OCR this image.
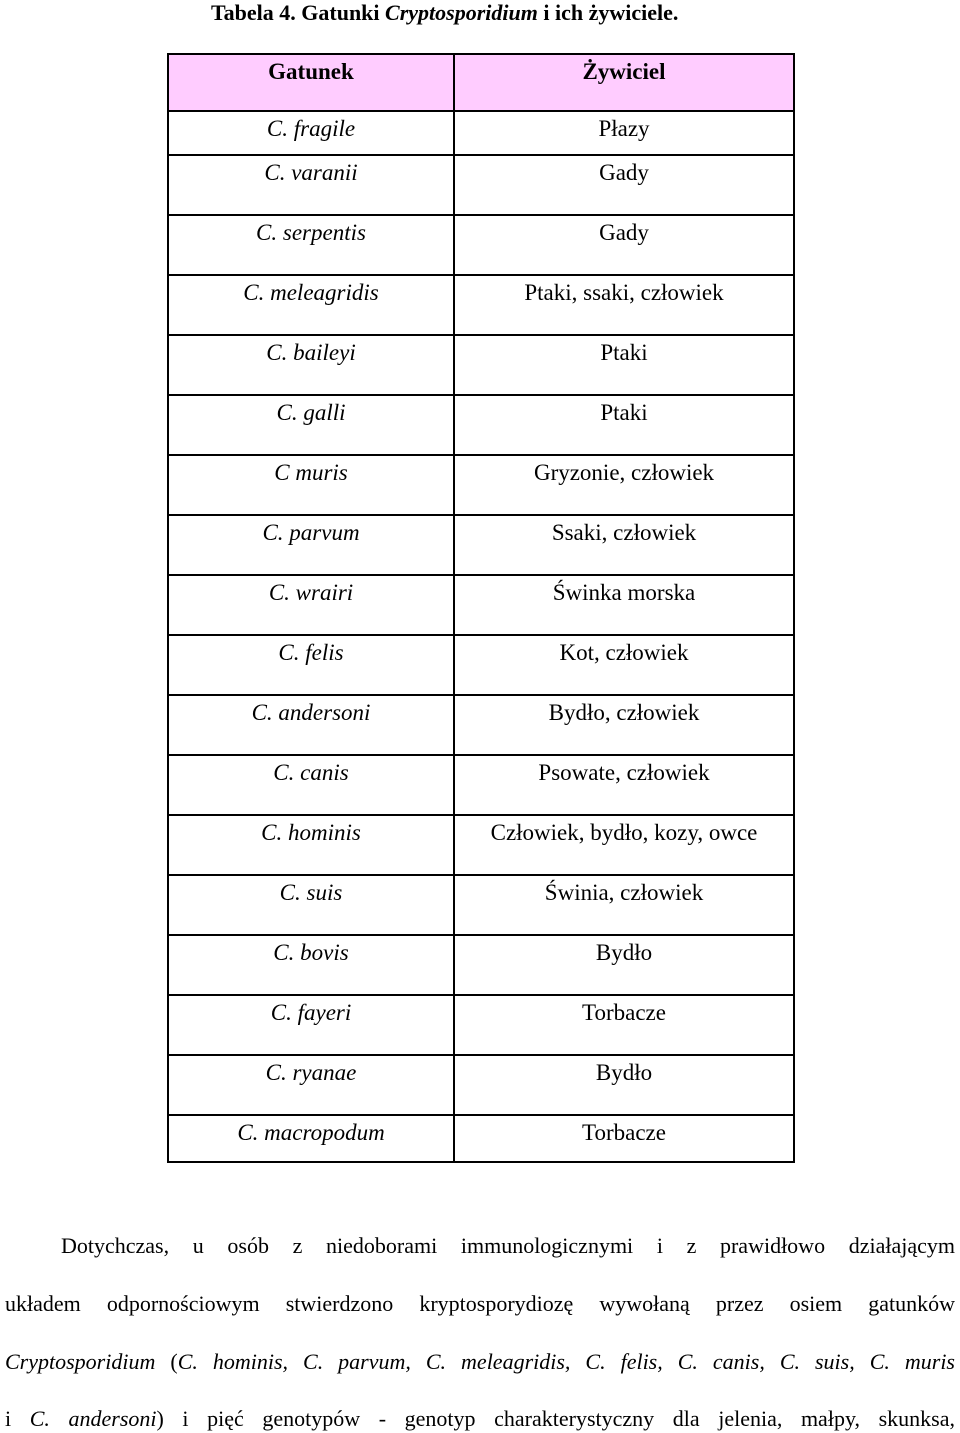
Tabela 4. Gatunki Cryptosporidium i ich żywiciele.
Gatunek	Żywiciel
C. fragile	Płazy
C. varanii	Gady
C. serpentis	Gady
C. meleagridis	Ptaki, ssaki, człowiek
C. baileyi	Ptaki
C. galli	Ptaki
C muris	Gryzonie, człowiek
C. parvum	Ssaki, człowiek
C. wrairi	Świnka morska
C. felis	Kot, człowiek
C. andersoni	Bydło, człowiek
C. canis	Psowate, człowiek
C. hominis	Człowiek, bydło, kozy, owce
C. suis	Świnia, człowiek
C. bovis	Bydło
C. fayeri	Torbacze
C. ryanae	Bydło
C. macropodum	Torbacze
Dotychczas, u osób z niedoborami immunologicznymi i z prawidłowo działającym
układem odpornościowym stwierdzono kryptosporydiozę wywołaną przez osiem gatunków
Cryptosporidium (C. hominis, C. parvum, C. meleagridis, C. felis, C. canis, C. suis, C. muris
i C. andersoni) i pięć genotypów - genotyp charakterystyczny dla jelenia, małpy, skunksa,
